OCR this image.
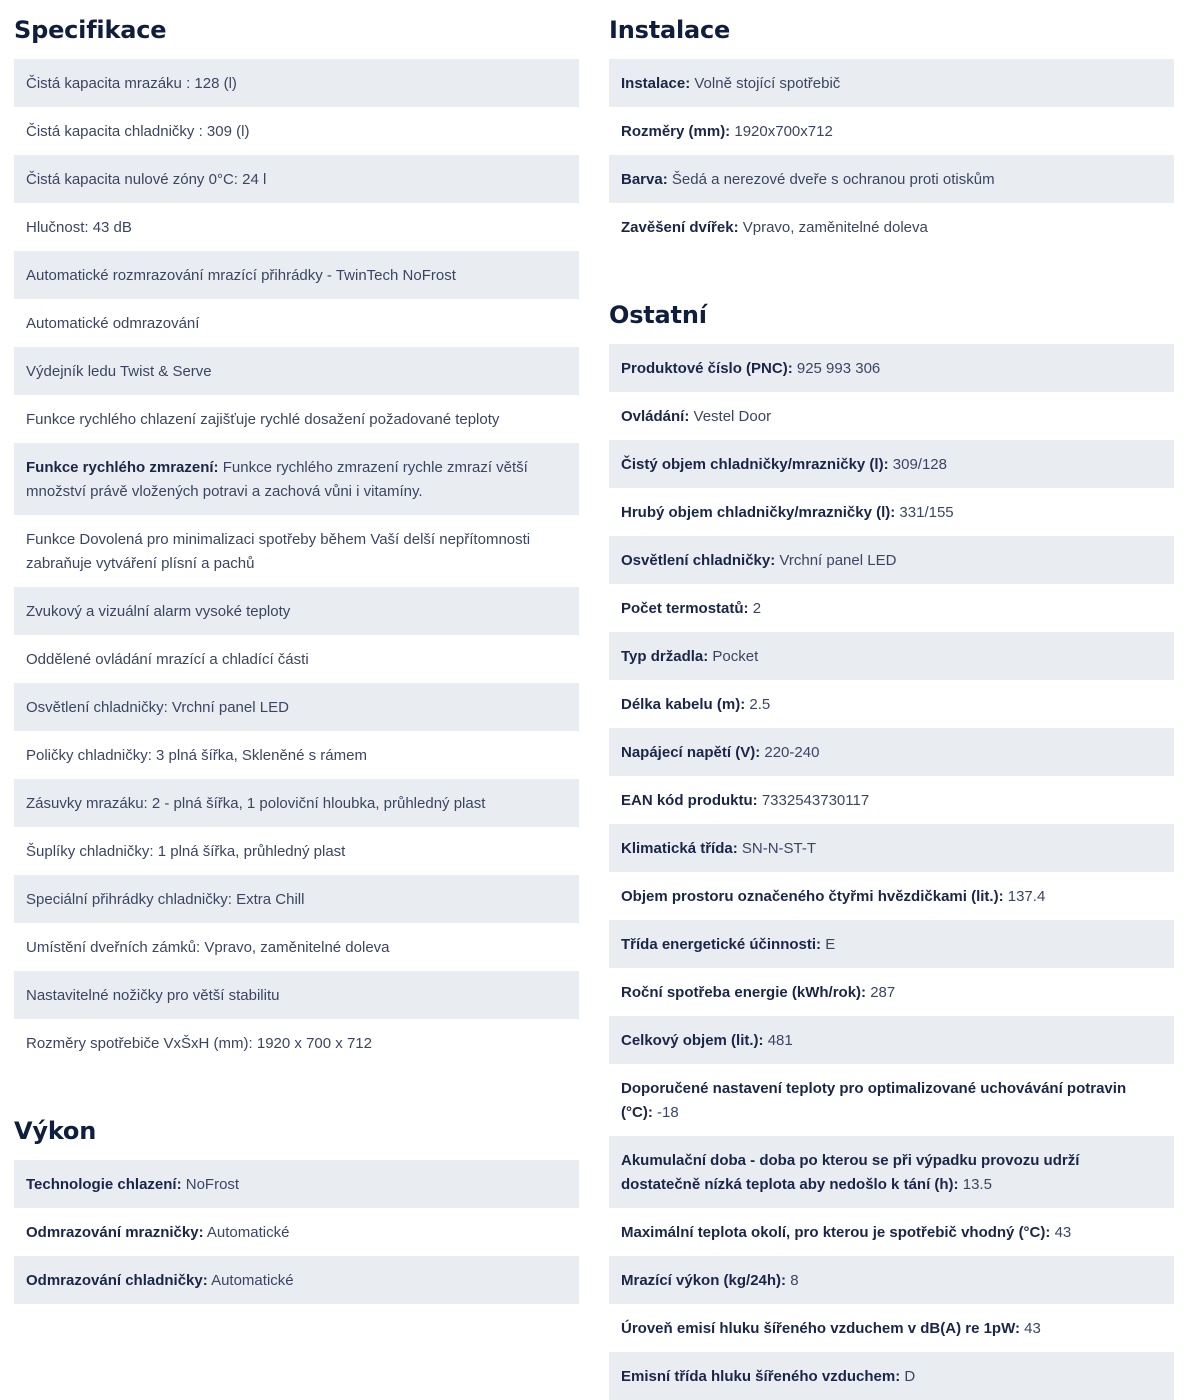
Specifikace
Čistá kapacita mrazáku : 128 (l)
Čistá kapacita chladničky : 309 (l)
Čistá kapacita nulové zóny 0°C: 24 l
Hlučnost: 43 dB
Automatické rozmrazování mrazící přihrádky - TwinTech NoFrost
Automatické odmrazování
Výdejník ledu Twist & Serve
Funkce rychlého chlazení zajišťuje rychlé dosažení požadované teploty
Funkce rychlého zmrazení: Funkce rychlého zmrazení rychle zmrazí větší množství právě vložených potravi a zachová vůni i vitamíny.
Funkce Dovolená pro minimalizaci spotřeby během Vaší delší nepřítomnosti zabraňuje vytváření plísní a pachů
Zvukový a vizuální alarm vysoké teploty
Oddělené ovládání mrazící a chladící části
Osvětlení chladničky: Vrchní panel LED
Poličky chladničky: 3 plná šířka, Skleněné s rámem
Zásuvky mrazáku: 2 - plná šířka, 1 poloviční hloubka, průhledný plast
Šuplíky chladničky: 1 plná šířka, průhledný plast
Speciální přihrádky chladničky: Extra Chill
Umístění dveřních zámků: Vpravo, zaměnitelné doleva
Nastavitelné nožičky pro větší stabilitu
Rozměry spotřebiče VxŠxH (mm): 1920 x 700 x 712
Výkon
Technologie chlazení: NoFrost
Odmrazování mrazničky: Automatické
Odmrazování chladničky: Automatické
Instalace
Instalace: Volně stojící spotřebič
Rozměry (mm): 1920x700x712
Barva: Šedá a nerezové dveře s ochranou proti otiskům
Zavěšení dvířek: Vpravo, zaměnitelné doleva
Ostatní
Produktové číslo (PNC): 925 993 306
Ovládání: Vestel Door
Čistý objem chladničky/mrazničky (l): 309/128
Hrubý objem chladničky/mrazničky (l): 331/155
Osvětlení chladničky: Vrchní panel LED
Počet termostatů: 2
Typ držadla: Pocket
Délka kabelu (m): 2.5
Napájecí napětí (V): 220-240
EAN kód produktu: 7332543730117
Klimatická třída: SN-N-ST-T
Objem prostoru označeného čtyřmi hvězdičkami (lit.): 137.4
Třída energetické účinnosti: E
Roční spotřeba energie (kWh/rok): 287
Celkový objem (lit.): 481
Doporučené nastavení teploty pro optimalizované uchovávání potravin (°C): -18
Akumulační doba - doba po kterou se při výpadku provozu udrží dostatečně nízká teplota aby nedošlo k tání (h): 13.5
Maximální teplota okolí, pro kterou je spotřebič vhodný (°C): 43
Mrazící výkon (kg/24h): 8
Úroveň emisí hluku šířeného vzduchem v dB(A) re 1pW: 43
Emisní třída hluku šířeného vzduchem: D
